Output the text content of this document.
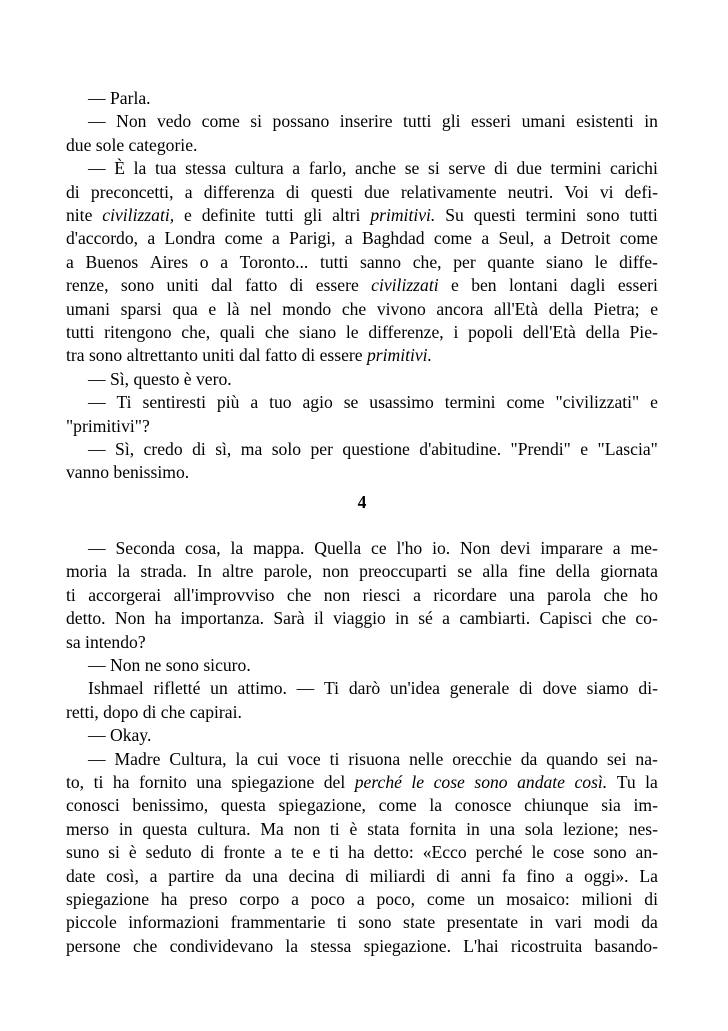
— Parla.
— Non vedo come si possano inserire tutti gli esseri umani esistenti in
due sole categorie.
— È la tua stessa cultura a farlo, anche se si serve di due termini carichi
di preconcetti, a differenza di questi due relativamente neutri. Voi vi defi-
nite civilizzati, e definite tutti gli altri primitivi. Su questi termini sono tutti
d'accordo, a Londra come a Parigi, a Baghdad come a Seul, a Detroit come
a Buenos Aires o a Toronto... tutti sanno che, per quante siano le diffe-
renze, sono uniti dal fatto di essere civilizzati e ben lontani dagli esseri
umani sparsi qua e là nel mondo che vivono ancora all'Età della Pietra; e
tutti ritengono che, quali che siano le differenze, i popoli dell'Età della Pie-
tra sono altrettanto uniti dal fatto di essere primitivi.
— Sì, questo è vero.
— Ti sentiresti più a tuo agio se usassimo termini come "civilizzati" e
"primitivi"?
— Sì, credo di sì, ma solo per questione d'abitudine. "Prendi" e "Lascia"
vanno benissimo.
4
— Seconda cosa, la mappa. Quella ce l'ho io. Non devi imparare a me-
moria la strada. In altre parole, non preoccuparti se alla fine della giornata
ti accorgerai all'improvviso che non riesci a ricordare una parola che ho
detto. Non ha importanza. Sarà il viaggio in sé a cambiarti. Capisci che co-
sa intendo?
— Non ne sono sicuro.
Ishmael rifletté un attimo. — Ti darò un'idea generale di dove siamo di-
retti, dopo di che capirai.
— Okay.
— Madre Cultura, la cui voce ti risuona nelle orecchie da quando sei na-
to, ti ha fornito una spiegazione del perché le cose sono andate così. Tu la
conosci benissimo, questa spiegazione, come la conosce chiunque sia im-
merso in questa cultura. Ma non ti è stata fornita in una sola lezione; nes-
suno si è seduto di fronte a te e ti ha detto: «Ecco perché le cose sono an-
date così, a partire da una decina di miliardi di anni fa fino a oggi». La
spiegazione ha preso corpo a poco a poco, come un mosaico: milioni di
piccole informazioni frammentarie ti sono state presentate in vari modi da
persone che condividevano la stessa spiegazione. L'hai ricostruita basando-
